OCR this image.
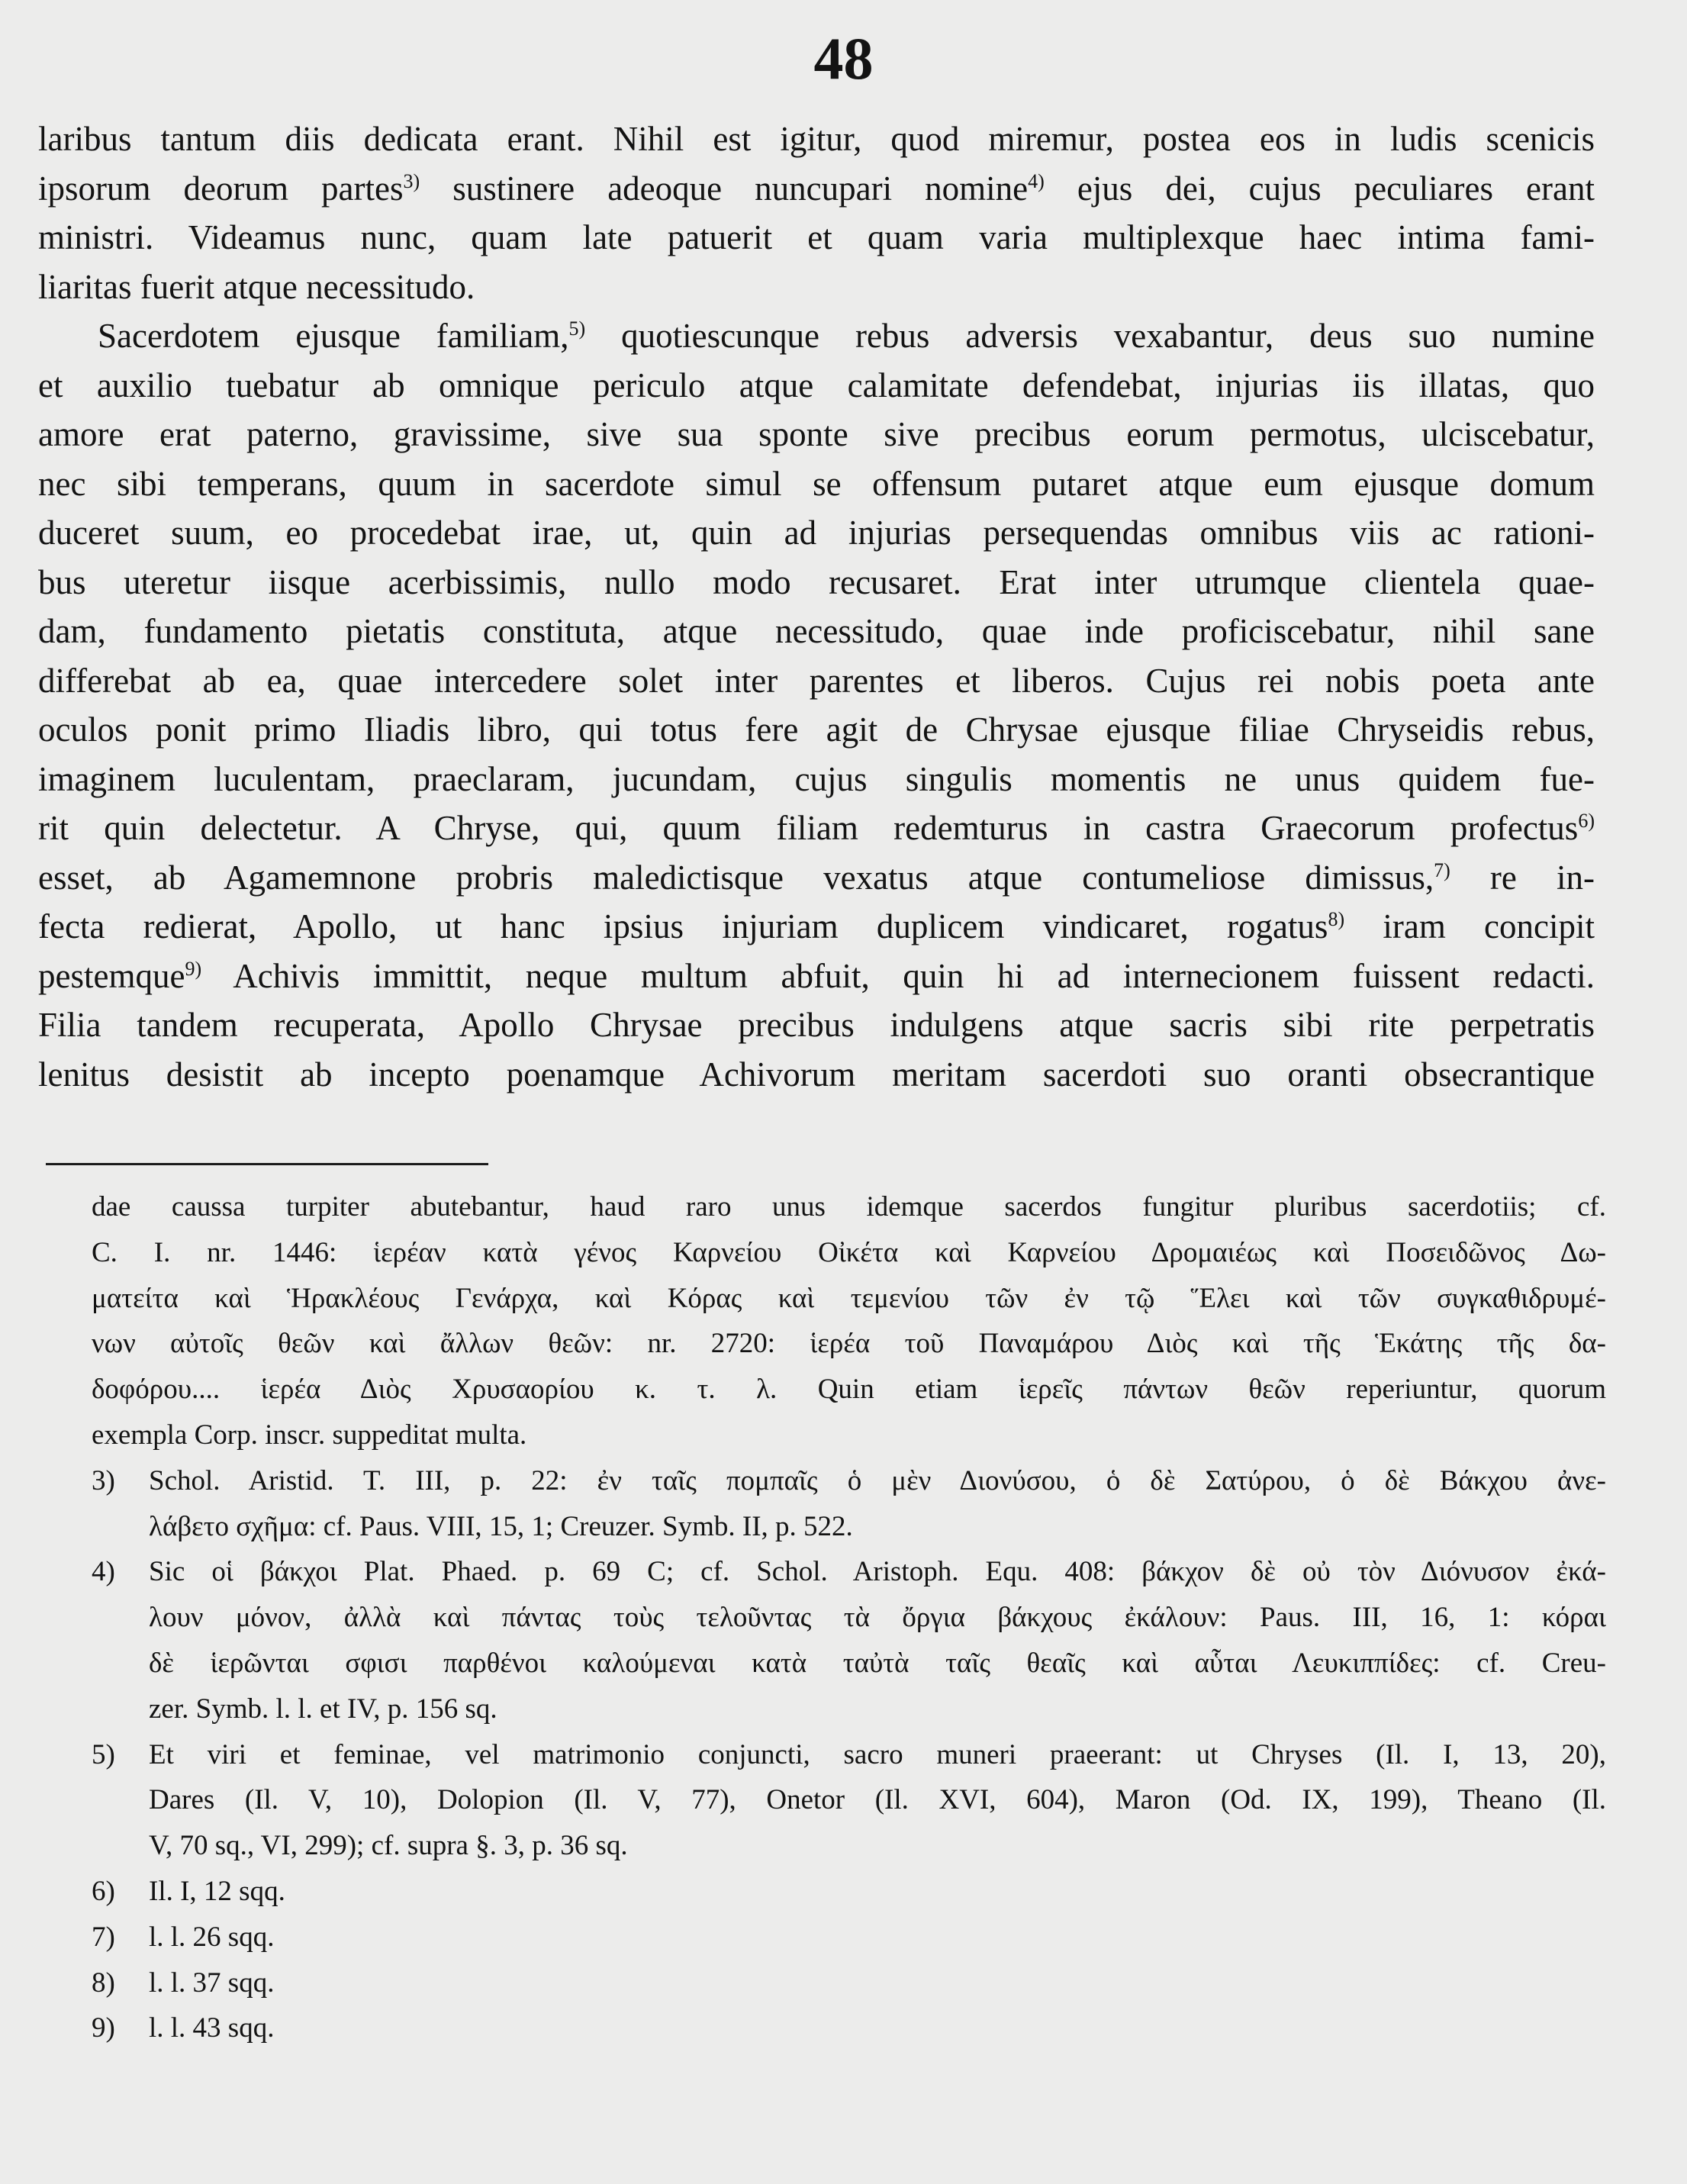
48
laribus tantum diis dedicata erant. Nihil est igitur, quod miremur, postea eos in ludis scenicis
ipsorum deorum partes$^{3)}$ sustinere adeoque nuncupari nomine$^{4)}$ ejus dei, cujus peculiares erant
ministri. Videamus nunc, quam late patuerit et quam varia multiplexque haec intima fami-
liaritas fuerit atque necessitudo.
Sacerdotem ejusque familiam,$^{5)}$ quotiescunque rebus adversis vexabantur, deus suo numine
et auxilio tuebatur ab omnique periculo atque calamitate defendebat, injurias iis illatas, quo
amore erat paterno, gravissime, sive sua sponte sive precibus eorum permotus, ulciscebatur,
nec sibi temperans, quum in sacerdote simul se offensum putaret atque eum ejusque domum
duceret suum, eo procedebat irae, ut, quin ad injurias persequendas omnibus viis ac rationi-
bus uteretur iisque acerbissimis, nullo modo recusaret. Erat inter utrumque clientela quae-
dam, fundamento pietatis constituta, atque necessitudo, quae inde proficiscebatur, nihil sane
differebat ab ea, quae intercedere solet inter parentes et liberos. Cujus rei nobis poeta ante
oculos ponit primo Iliadis libro, qui totus fere agit de Chrysae ejusque filiae Chryseidis rebus,
imaginem luculentam, praeclaram, jucundam, cujus singulis momentis ne unus quidem fue-
rit quin delectetur. A Chryse, qui, quum filiam redemturus in castra Graecorum profectus$^{6)}$
esset, ab Agamemnone probris maledictisque vexatus atque contumeliose dimissus,$^{7)}$ re in-
fecta redierat, Apollo, ut hanc ipsius injuriam duplicem vindicaret, rogatus$^{8)}$ iram concipit
pestemque$^{9)}$ Achivis immittit, neque multum abfuit, quin hi ad internecionem fuissent redacti.
Filia tandem recuperata, Apollo Chrysae precibus indulgens atque sacris sibi rite perpetratis
lenitus desistit ab incepto poenamque Achivorum meritam sacerdoti suo oranti obsecrantique
dae caussa turpiter abutebantur, haud raro unus idemque sacerdos fungitur pluribus sacerdotiis; cf.
C. I. nr. 1446: ἱερέαν κατὰ γένος Καρνείου Οἰκέτα καὶ Καρνείου Δρομαιέως καὶ Ποσειδῶνος Δω-
ματείτα καὶ Ἡρακλέους Γενάρχα, καὶ Κόρας καὶ τεμενίου τῶν ἐν τῷ Ἕλει καὶ τῶν συγκαθιδρυμέ-
νων αὐτοῖς θεῶν καὶ ἄλλων θεῶν: nr. 2720: ἱερέα τοῦ Παναμάρου Διὸς καὶ τῆς Ἑκάτης τῆς δα-
δοφόρου.... ἱερέα Διὸς Χρυσαορίου κ. τ. λ. Quin etiam ἱερεῖς πάντων θεῶν reperiuntur, quorum
exempla Corp. inscr. suppeditat multa.
3) Schol. Aristid. T. III, p. 22: ἐν ταῖς πομπαῖς ὁ μὲν Διονύσου, ὁ δὲ Σατύρου, ὁ δὲ Βάκχου ἀνε-
λάβετο σχῆμα: cf. Paus. VIII, 15, 1; Creuzer. Symb. II, p. 522.
4) Sic οἱ βάκχοι Plat. Phaed. p. 69 C; cf. Schol. Aristoph. Equ. 408: βάκχον δὲ οὐ τὸν Διόνυσον ἐκά-
λουν μόνον, ἀλλὰ καὶ πάντας τοὺς τελοῦντας τὰ ὄργια βάκχους ἐκάλουν: Paus. III, 16, 1: κόραι
δὲ ἱερῶνται σφισι παρθένοι καλούμεναι κατὰ ταὐτὰ ταῖς θεαῖς καὶ αὗται Λευκιππίδες: cf. Creu-
zer. Symb. l. l. et IV, p. 156 sq.
5) Et viri et feminae, vel matrimonio conjuncti, sacro muneri praeerant: ut Chryses (Il. I, 13, 20),
Dares (Il. V, 10), Dolopion (Il. V, 77), Onetor (Il. XVI, 604), Maron (Od. IX, 199), Theano (Il.
V, 70 sq., VI, 299); cf. supra §. 3, p. 36 sq.
6) Il. I, 12 sqq.
7) l. l. 26 sqq.
8) l. l. 37 sqq.
9) l. l. 43 sqq.
